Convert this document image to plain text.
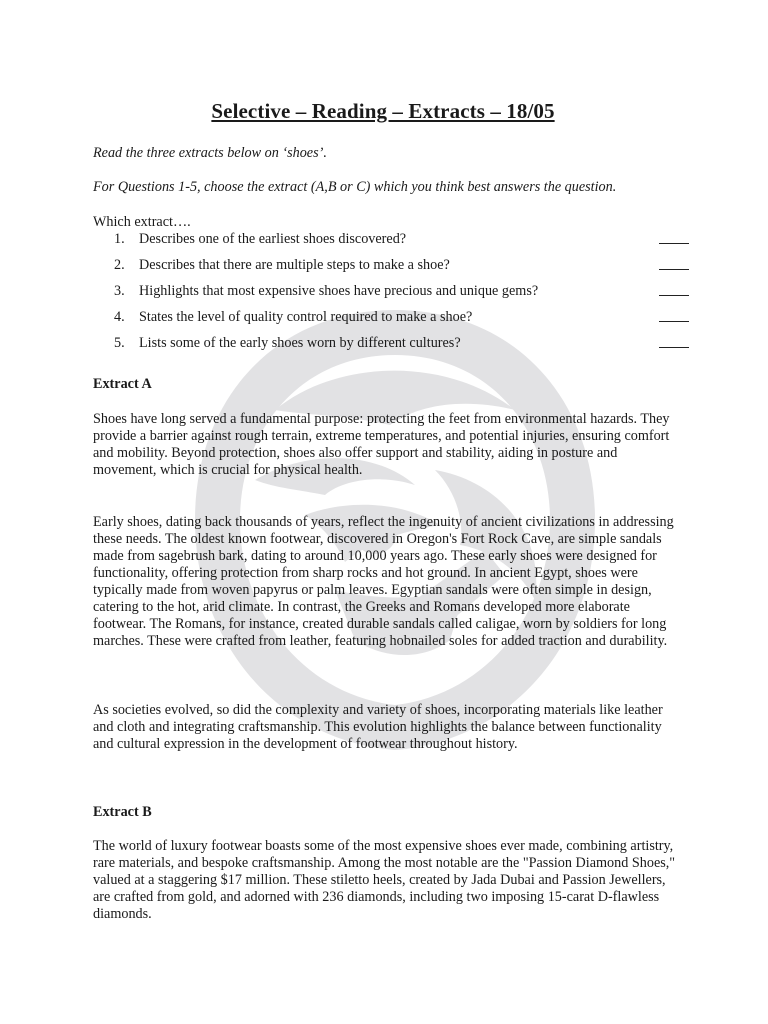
Selective – Reading – Extracts – 18/05
Read the three extracts below on ‘shoes’.
For Questions 1-5, choose the extract (A,B or C) which you think best answers the question.
Which extract….
1. Describes one of the earliest shoes discovered?
2. Describes that there are multiple steps to make a shoe?
3. Highlights that most expensive shoes have precious and unique gems?
4. States the level of quality control required to make a shoe?
5. Lists some of the early shoes worn by different cultures?
Extract A

Shoes have long served a fundamental purpose: protecting the feet from environmental hazards. They provide a barrier against rough terrain, extreme temperatures, and potential injuries, ensuring comfort and mobility. Beyond protection, shoes also offer support and stability, aiding in posture and movement, which is crucial for physical health.

Early shoes, dating back thousands of years, reflect the ingenuity of ancient civilizations in addressing these needs. The oldest known footwear, discovered in Oregon's Fort Rock Cave, are simple sandals made from sagebrush bark, dating to around 10,000 years ago. These early shoes were designed for functionality, offering protection from sharp rocks and hot ground. In ancient Egypt, shoes were typically made from woven papyrus or palm leaves. Egyptian sandals were often simple in design, catering to the hot, arid climate. In contrast, the Greeks and Romans developed more elaborate footwear. The Romans, for instance, created durable sandals called caligae, worn by soldiers for long marches. These were crafted from leather, featuring hobnailed soles for added traction and durability.

As societies evolved, so did the complexity and variety of shoes, incorporating materials like leather and cloth and integrating craftsmanship. This evolution highlights the balance between functionality and cultural expression in the development of footwear throughout history.

Extract B

The world of luxury footwear boasts some of the most expensive shoes ever made, combining artistry, rare materials, and bespoke craftsmanship. Among the most notable are the "Passion Diamond Shoes," valued at a staggering $17 million. These stiletto heels, created by Jada Dubai and Passion Jewellers, are crafted from gold, and adorned with 236 diamonds, including two imposing 15-carat D-flawless diamonds.
